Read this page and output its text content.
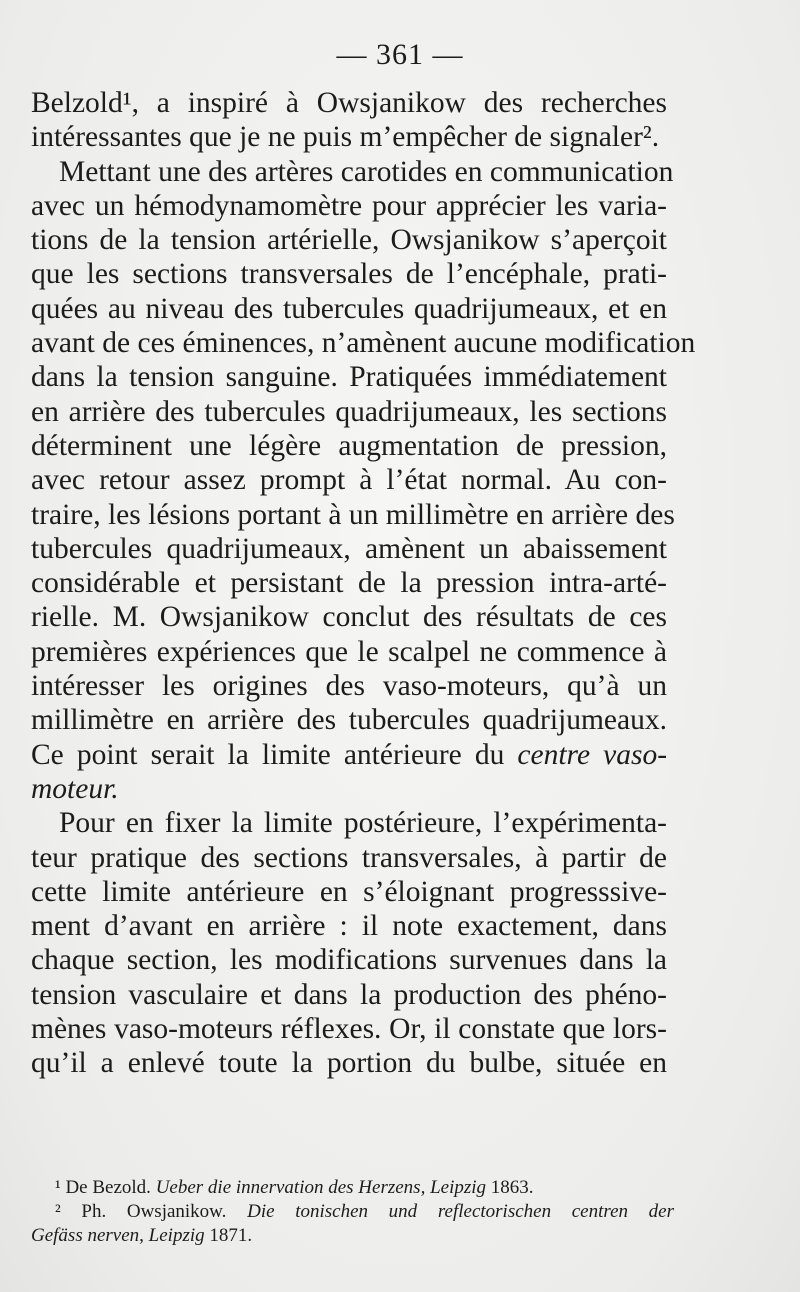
— 361 —
Belzold¹, a inspiré à Owsjanikow des recherches
intéressantes que je ne puis m’empêcher de signaler².
Mettant une des artères carotides en communication
avec un hémodynamomètre pour apprécier les varia-
tions de la tension artérielle, Owsjanikow s’aperçoit
que les sections transversales de l’encéphale, prati-
quées au niveau des tubercules quadrijumeaux, et en
avant de ces éminences, n’amènent aucune modification
dans la tension sanguine. Pratiquées immédiatement
en arrière des tubercules quadrijumeaux, les sections
déterminent une légère augmentation de pression,
avec retour assez prompt à l’état normal. Au con-
traire, les lésions portant à un millimètre en arrière des
tubercules quadrijumeaux, amènent un abaissement
considérable et persistant de la pression intra-arté-
rielle. M. Owsjanikow conclut des résultats de ces
premières expériences que le scalpel ne commence à
intéresser les origines des vaso-moteurs, qu’à un
millimètre en arrière des tubercules quadrijumeaux.
Ce point serait la limite antérieure du centre vaso-
moteur.
Pour en fixer la limite postérieure, l’expérimenta-
teur pratique des sections transversales, à partir de
cette limite antérieure en s’éloignant progresssive-
ment d’avant en arrière : il note exactement, dans
chaque section, les modifications survenues dans la
tension vasculaire et dans la production des phéno-
mènes vaso-moteurs réflexes. Or, il constate que lors-
qu’il a enlevé toute la portion du bulbe, située en
¹ De Bezold. Ueber die innervation des Herzens, Leipzig 1863.
² Ph. Owsjanikow. Die tonischen und reflectorischen centren der
Gefäss nerven, Leipzig 1871.
